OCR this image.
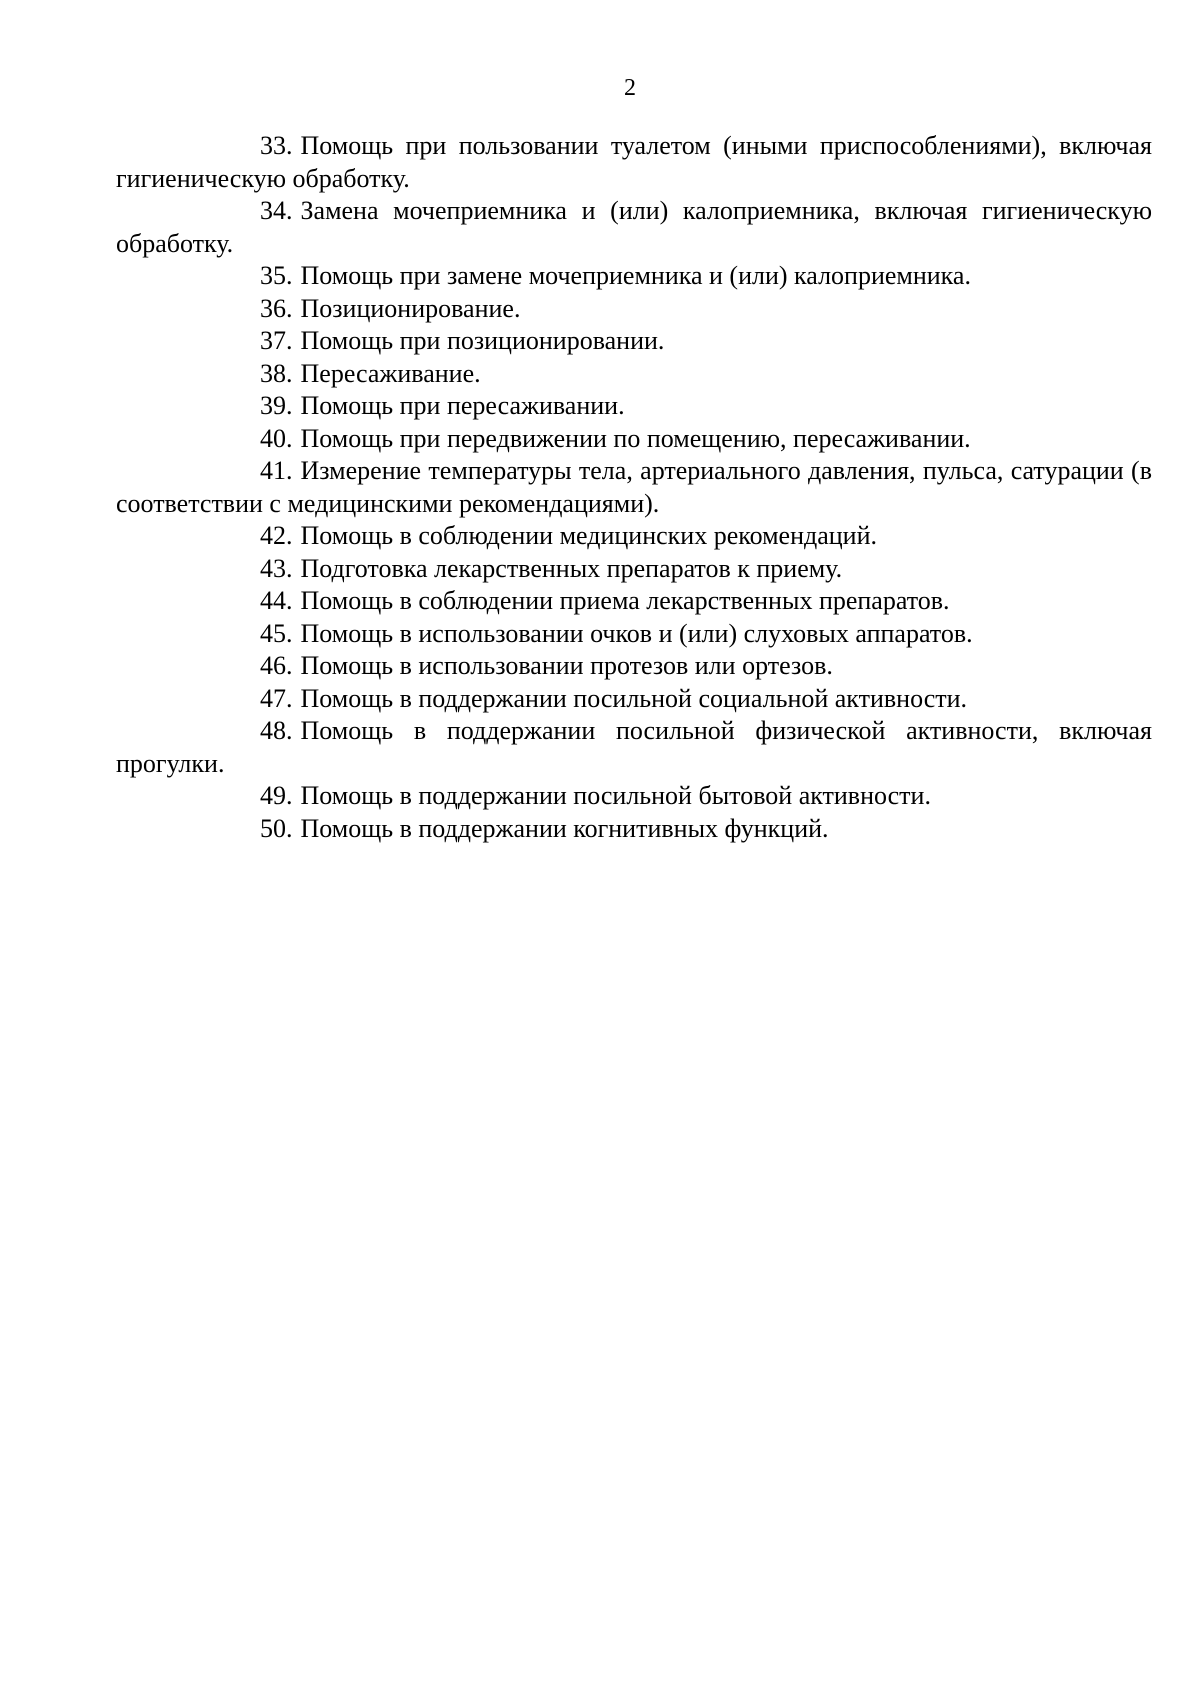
2

33. Помощь при пользовании туалетом (иными приспособлениями), включая гигиеническую обработку.

34. Замена мочеприемника и (или) калоприемника, включая гигиеническую обработку.

35. Помощь при замене мочеприемника и (или) калоприемника.

36. Позиционирование.

37. Помощь при позиционировании.

38. Пересаживание.

39. Помощь при пересаживании.

40. Помощь при передвижении по помещению, пересаживании.

41. Измерение температуры тела, артериального давления, пульса, сатурации (в соответствии с медицинскими рекомендациями).

42. Помощь в соблюдении медицинских рекомендаций.

43. Подготовка лекарственных препаратов к приему.

44. Помощь в соблюдении приема лекарственных препаратов.

45. Помощь в использовании очков и (или) слуховых аппаратов.

46. Помощь в использовании протезов или ортезов.

47. Помощь в поддержании посильной социальной активности.

48. Помощь в поддержании посильной физической активности, включая прогулки.

49. Помощь в поддержании посильной бытовой активности.

50. Помощь в поддержании когнитивных функций.
